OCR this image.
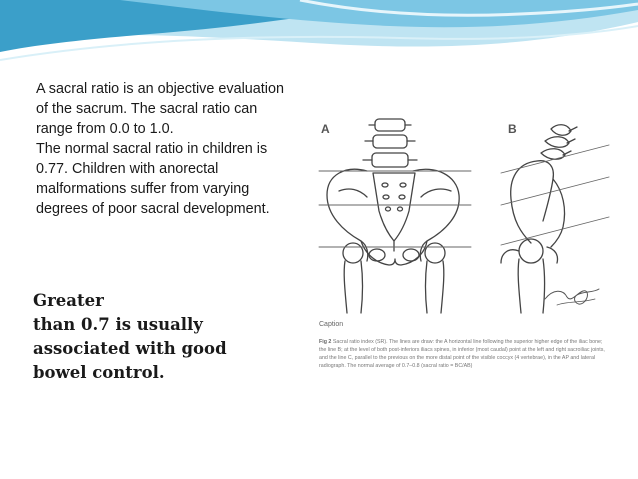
A sacral ratio is an objective evaluation of the sacrum. The sacral ratio can range from 0.0 to 1.0.

The normal sacral ratio in children is 0.77. Children with anorectal malformations suffer from varying degrees of poor sacral development.

Greater
than 0.7 is usually
associated with good
bowel control.
A	B
Caption
Fig 2 Sacral ratio index (SR). The lines are draw: the A horizontal line following the superior higher edge of the iliac bone; the line B; at the level of both post-inferiors iliacs spines, in inferior (most caudal) point at the left and right sacroiliac joints, and the line C, parallel to the previous on the more distal point of the visible coccyx (4 vertebrae), in the AP and lateral radiograph. The normal average of 0.7–0.8 (sacral ratio = BC/AB)
